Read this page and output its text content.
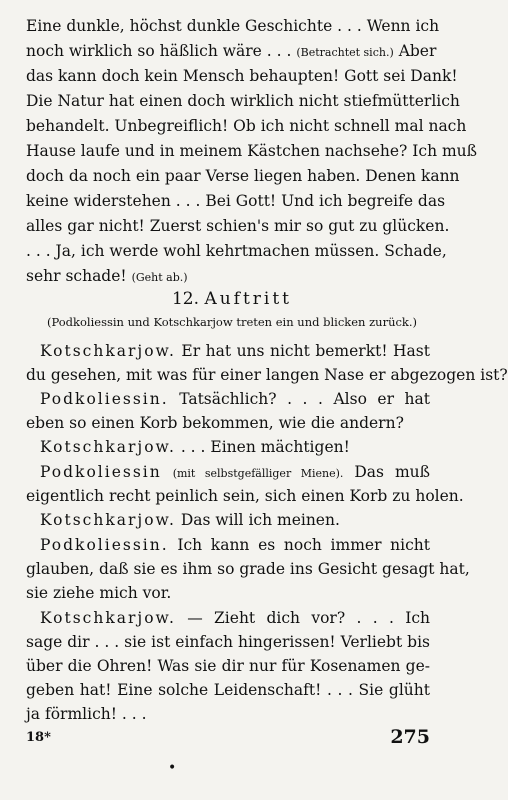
Eine dunkle, höchst dunkle Geschichte . . . Wenn ich
noch wirklich so häßlich wäre . . . (Betrachtet sich.) Aber
das kann doch kein Mensch behaupten! Gott sei Dank!
Die Natur hat einen doch wirklich nicht stiefmütterlich
behandelt. Unbegreiflich! Ob ich nicht schnell mal nach
Hause laufe und in meinem Kästchen nachsehe? Ich muß
doch da noch ein paar Verse liegen haben. Denen kann
keine widerstehen . . . Bei Gott! Und ich begreife das
alles gar nicht! Zuerst schien's mir so gut zu glücken.
. . . Ja, ich werde wohl kehrtmachen müssen. Schade,
sehr schade! (Geht ab.)
12. Auftritt
(Podkoliessin und Kotschkarjow treten ein und blicken zurück.)
Kotschkarjow. Er hat uns nicht bemerkt! Hast
du gesehen, mit was für einer langen Nase er abgezogen ist?
Podkoliessin. Tatsächlich? . . . Also er hat
eben so einen Korb bekommen, wie die andern?
Kotschkarjow. . . . Einen mächtigen!
Podkoliessin (mit selbstgefälliger Miene). Das muß
eigentlich recht peinlich sein, sich einen Korb zu holen.
Kotschkarjow. Das will ich meinen.
Podkoliessin. Ich kann es noch immer nicht
glauben, daß sie es ihm so grade ins Gesicht gesagt hat,
sie ziehe mich vor.
Kotschkarjow. — Zieht dich vor? . . . Ich
sage dir . . . sie ist einfach hingerissen! Verliebt bis
über die Ohren! Was sie dir nur für Kosenamen ge-
geben hat! Eine solche Leidenschaft! . . . Sie glüht
ja förmlich! . . .
18*	275
•
